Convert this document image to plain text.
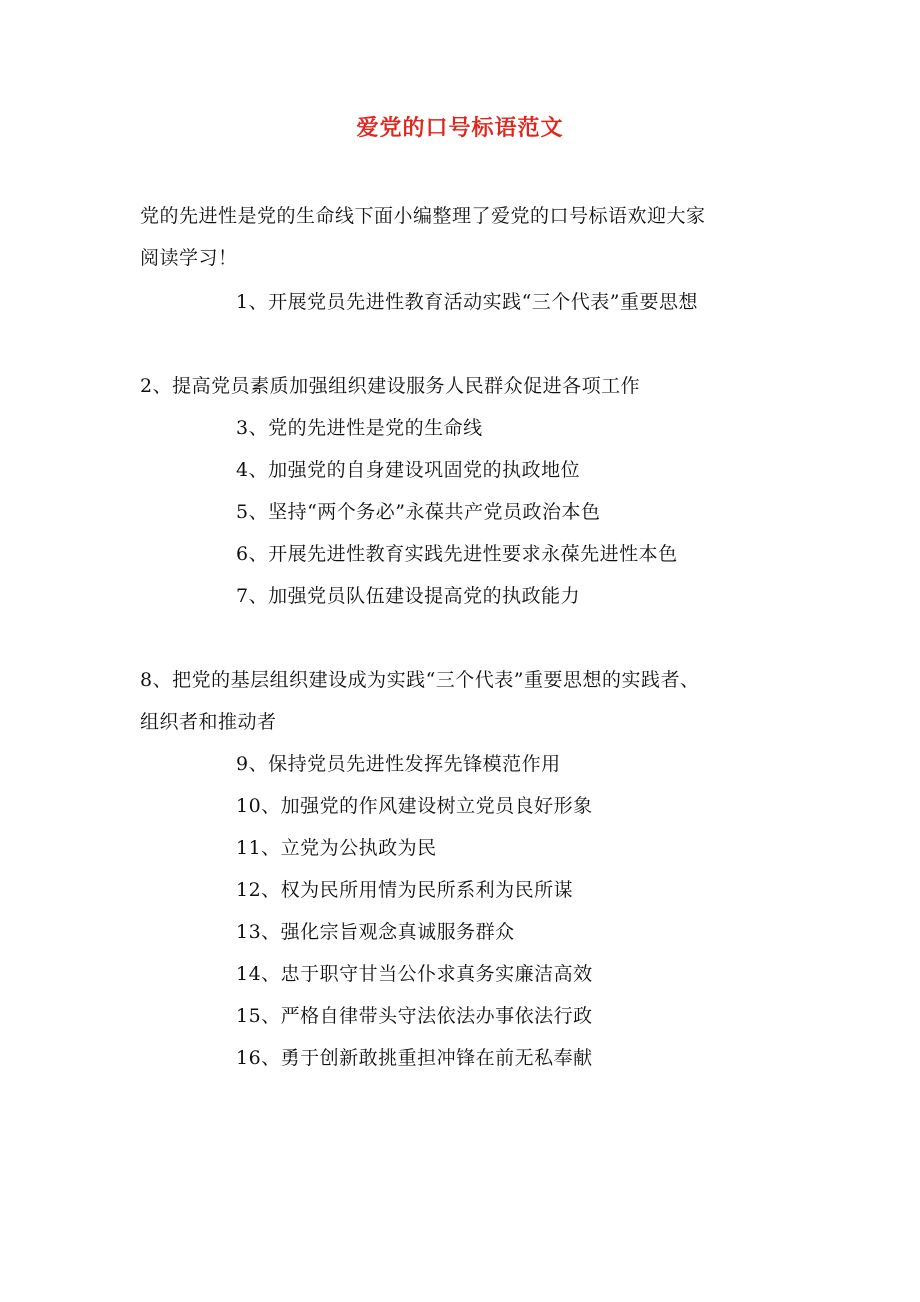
爱党的口号标语范文
党的先进性是党的生命线下面小编整理了爱党的口号标语欢迎大家
阅读学习！
1、开展党员先进性教育活动实践“三个代表”重要思想
2、提高党员素质加强组织建设服务人民群众促进各项工作
3、党的先进性是党的生命线
4、加强党的自身建设巩固党的执政地位
5、坚持“两个务必”永葆共产党员政治本色
6、开展先进性教育实践先进性要求永葆先进性本色
7、加强党员队伍建设提高党的执政能力
8、把党的基层组织建设成为实践“三个代表”重要思想的实践者、
组织者和推动者
9、保持党员先进性发挥先锋模范作用
10、加强党的作风建设树立党员良好形象
11、立党为公执政为民
12、权为民所用情为民所系利为民所谋
13、强化宗旨观念真诚服务群众
14、忠于职守甘当公仆求真务实廉洁高效
15、严格自律带头守法依法办事依法行政
16、勇于创新敢挑重担冲锋在前无私奉献
